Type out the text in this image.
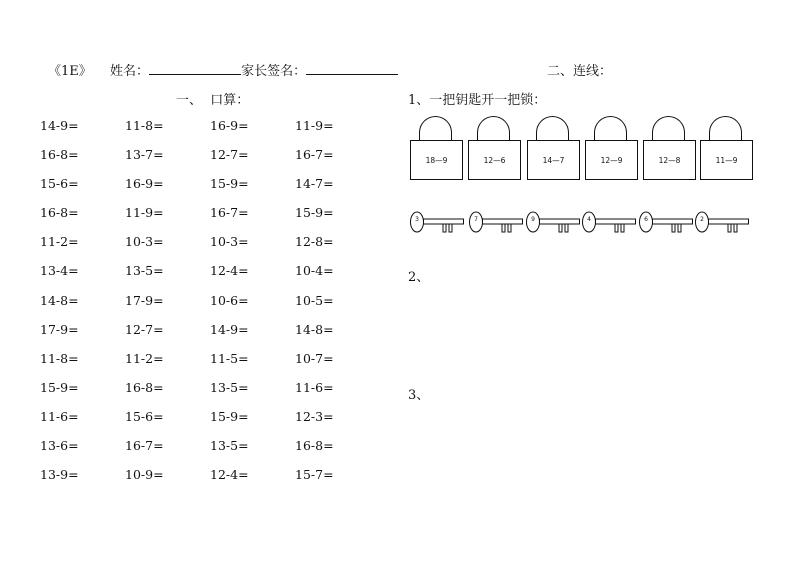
《1E》 姓名：	家长签名：	二、连线：
一、  口算：	1、一把钥匙开一把锁：
14-9=	11-8=	16-9=	11-9=
16-8=	13-7=	12-7=	16-7=
15-6=	16-9=	15-9=	14-7=
16-8=	11-9=	16-7=	15-9=
11-2=	10-3=	10-3=	12-8=
13-4=	13-5=	12-4=	10-4=
14-8=	17-9=	10-6=	10-5=
17-9=	12-7=	14-9=	14-8=
11-8=	11-2=	11-5=	10-7=
15-9=	16-8=	13-5=	11-6=
11-6=	15-6=	15-9=	12-3=
13-6=	16-7=	13-5=	16-8=
13-9=	10-9=	12-4=	15-7=
18—9	12—6	14—7	12—9	12—8	11—9
3	7	9	4	6	2
2、
3、
